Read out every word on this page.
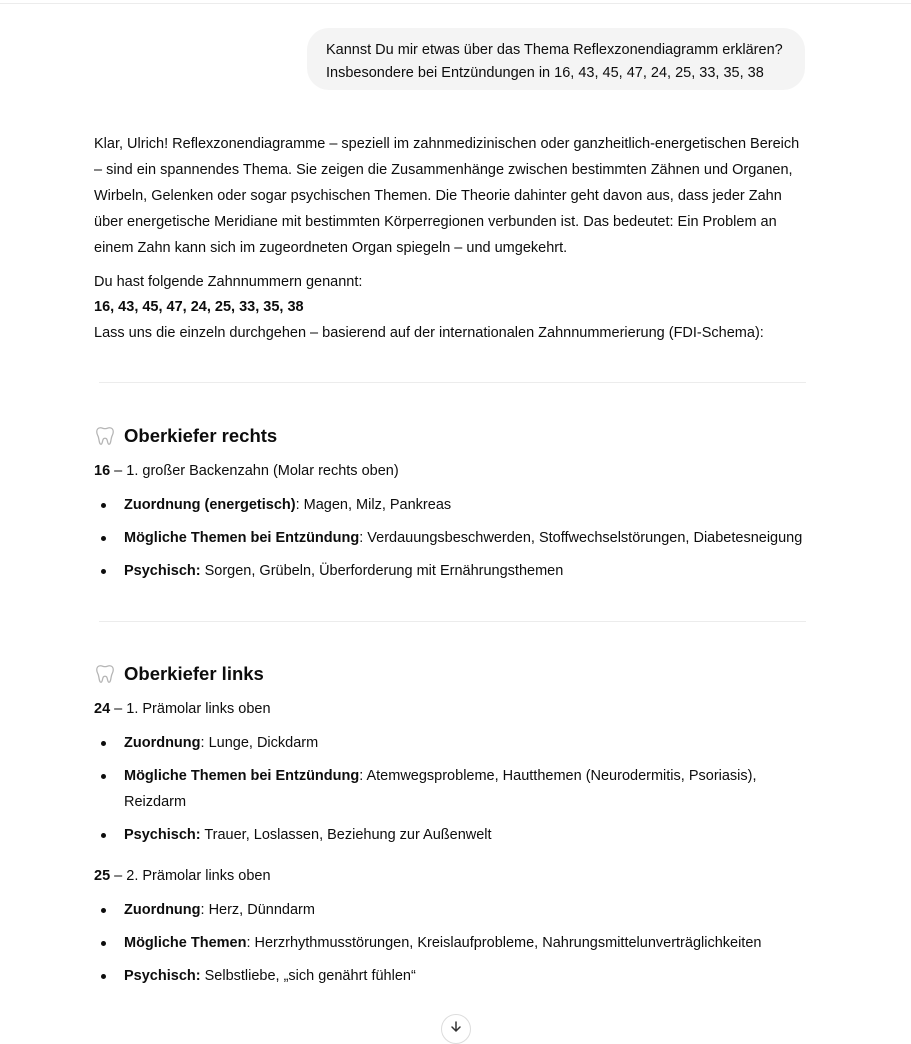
Kannst Du mir etwas über das Thema Reflexzonendiagramm erklären?
Insbesondere bei Entzündungen in 16, 43, 45, 47, 24, 25, 33, 35, 38
Klar, Ulrich! Reflexzonendiagramme – speziell im zahnmedizinischen oder ganzheitlich-energetischen Bereich
– sind ein spannendes Thema. Sie zeigen die Zusammenhänge zwischen bestimmten Zähnen und Organen,
Wirbeln, Gelenken oder sogar psychischen Themen. Die Theorie dahinter geht davon aus, dass jeder Zahn
über energetische Meridiane mit bestimmten Körperregionen verbunden ist. Das bedeutet: Ein Problem an
einem Zahn kann sich im zugeordneten Organ spiegeln – und umgekehrt.
Du hast folgende Zahnnummern genannt:
16, 43, 45, 47, 24, 25, 33, 35, 38
Lass uns die einzeln durchgehen – basierend auf der internationalen Zahnnummerierung (FDI-Schema):
Oberkiefer rechts
16 – 1. großer Backenzahn (Molar rechts oben)
Zuordnung (energetisch): Magen, Milz, Pankreas
Mögliche Themen bei Entzündung: Verdauungsbeschwerden, Stoffwechselstörungen, Diabetesneigung
Psychisch: Sorgen, Grübeln, Überforderung mit Ernährungsthemen
Oberkiefer links
24 – 1. Prämolar links oben
Zuordnung: Lunge, Dickdarm
Mögliche Themen bei Entzündung: Atemwegsprobleme, Hautthemen (Neurodermitis, Psoriasis),
Reizdarm
Psychisch: Trauer, Loslassen, Beziehung zur Außenwelt
25 – 2. Prämolar links oben
Zuordnung: Herz, Dünndarm
Mögliche Themen: Herzrhythmusstörungen, Kreislaufprobleme, Nahrungsmittelunverträglichkeiten
Psychisch: Selbstliebe, „sich genährt fühlen“
